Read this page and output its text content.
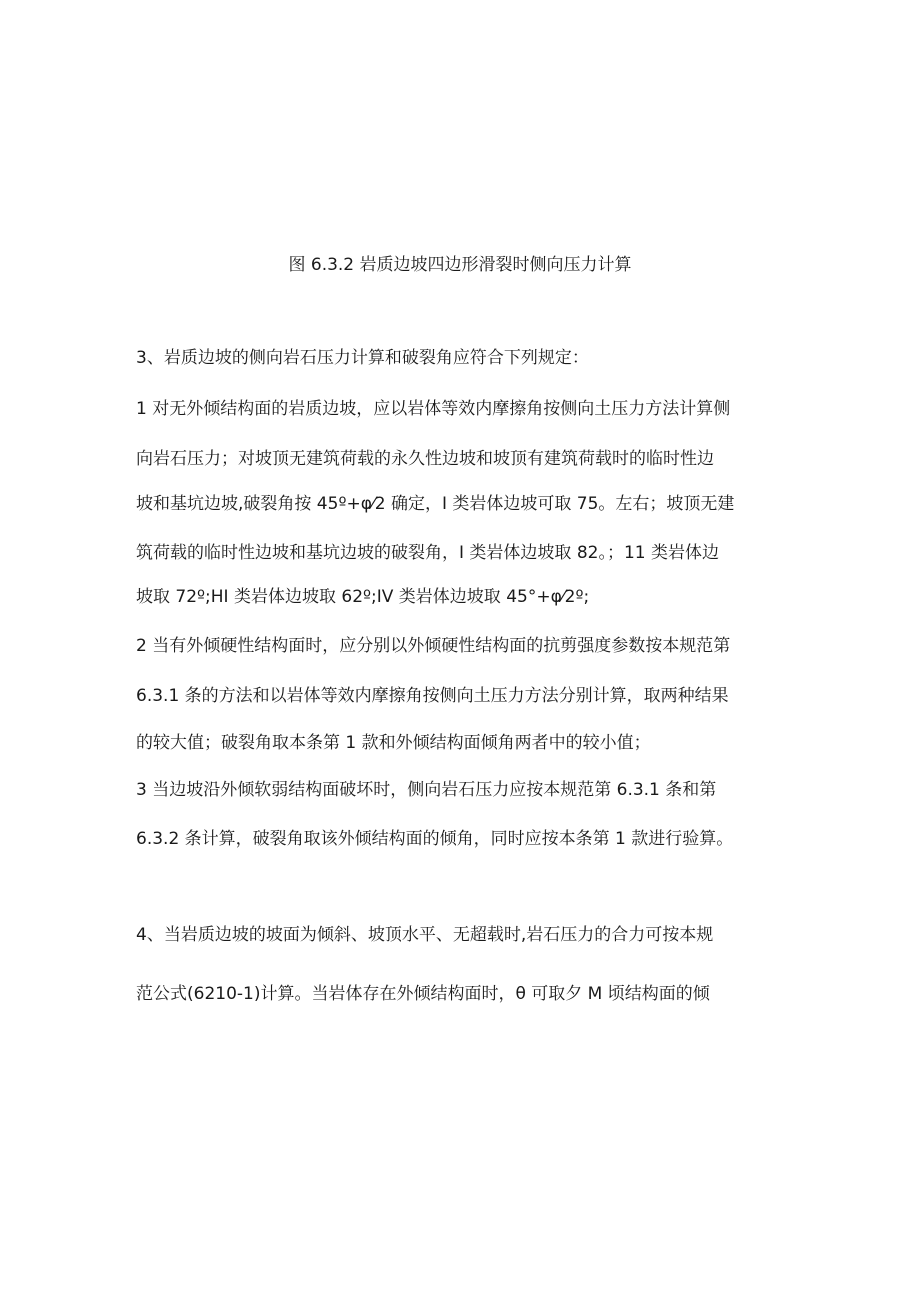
图 6.3.2 岩质边坡四边形滑裂时侧向压力计算
3、岩质边坡的侧向岩石压力计算和破裂角应符合下列规定：
1 对无外倾结构面的岩质边坡，应以岩体等效内摩擦角按侧向土压力方法计算侧
向岩石压力；对坡顶无建筑荷载的永久性边坡和坡顶有建筑荷载时的临时性边
坡和基坑边坡,破裂角按 45º+φ⁄2 确定，I 类岩体边坡可取 75。左右；坡顶无建
筑荷载的临时性边坡和基坑边坡的破裂角，I 类岩体边坡取 82。；11 类岩体边
坡取 72º;HI 类岩体边坡取 62º;IV 类岩体边坡取 45°+φ⁄2º;
2 当有外倾硬性结构面时，应分别以外倾硬性结构面的抗剪强度参数按本规范第
6.3.1 条的方法和以岩体等效内摩擦角按侧向土压力方法分别计算，取两种结果
的较大值；破裂角取本条第 1 款和外倾结构面倾角两者中的较小值；
3 当边坡沿外倾软弱结构面破坏时，侧向岩石压力应按本规范第 6.3.1 条和第
6.3.2 条计算，破裂角取该外倾结构面的倾角，同时应按本条第 1 款进行验算。
4、当岩质边坡的坡面为倾斜、坡顶水平、无超载时,岩石压力的合力可按本规
范公式(6210-1)计算。当岩体存在外倾结构面时，θ 可取夕 M 顷结构面的倾
